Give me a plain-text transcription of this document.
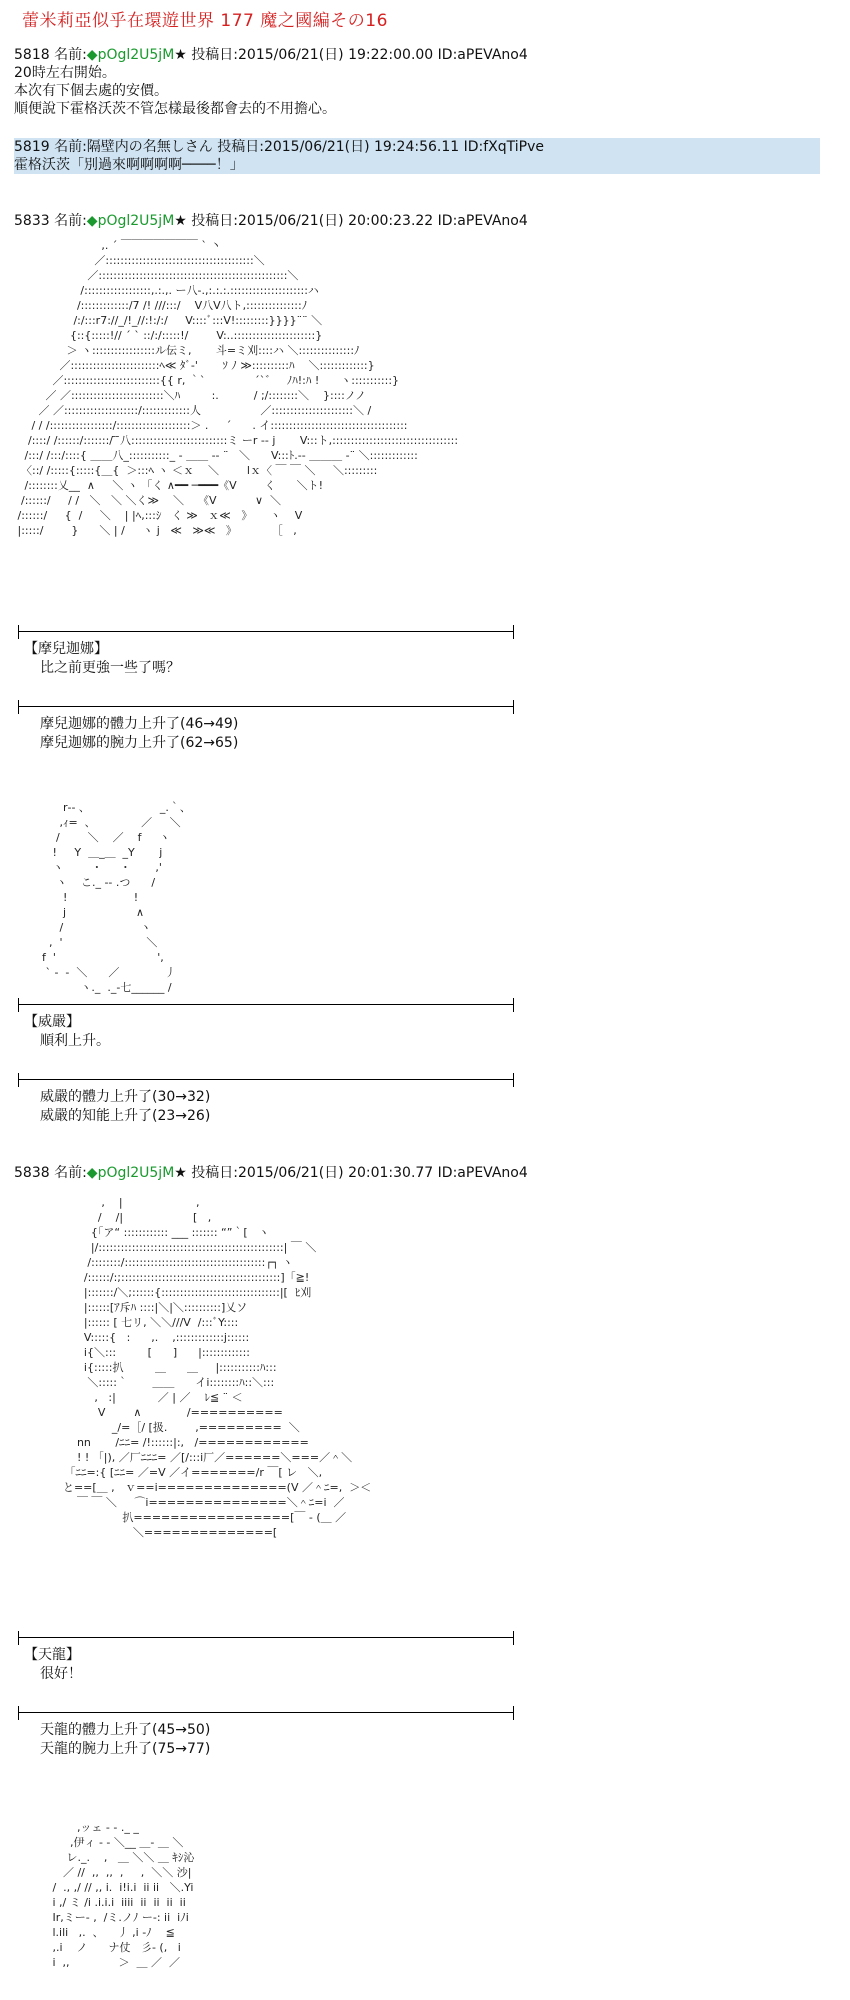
蕾米莉亞似乎在環遊世界 177 魔之國編その16
5818 名前:◆pOgl2U5jM★ 投稿日:2015/06/21(日) 19:22:00.00 ID:aPEVAno4
20時左右開始。
本次有下個去處的安價。
順便說下霍格沃茨不管怎樣最後都會去的不用擔心。
5819 名前:隔壁内の名無しさん 投稿日:2015/06/21(日) 19:24:56.11 ID:fXqTiPve
霍格沃茨「別過來啊啊啊啊────！」
5833 名前:◆pOgl2U5jM★ 投稿日:2015/06/21(日) 20:00:23.22 ID:aPEVAno4
,. ´ ￣￣￣￣￣￣￣ ` 丶
／::::::::::::::::::::::::::::::::::::::::＼
／:::::::::::::::::::::::::::::::::::::::::::::::::::＼
/::::::::::::::::::,.:.,. ー八-.,:.:.:.:::::::::::::::::::::ハ
/:::::::::::::/7 /! ///:::/    V八V八ト,:::::::::::::::ﾉ
/:/:::r7://_/!_//:!:/:/     V::::ﾞ:::V!:::::::::}}}}¨¨ ＼
{::{:::::!// ´ ` ::/:/:::::!/        V:..::::::::::::::::::::::}
＞ ヽ:::::::::::::::::ル伝ミ,       斗=ミ刈::::ハ ＼:::::::::::::::ﾉ
／::::::::::::::::::::::::ﾍ≪ ﾀﾞ-'       ｿ ﾉ ≫::::::::::ﾊ    ＼:::::::::::::}
／::::::::::::::::::::::::::{{ r, ｀`              ´`゛   ﾉﾊ!:ﾊ !      ヽ:::::::::::}
／ ／:::::::::::::::::::::::::＼ﾊ         :.          / ;/::::::::＼    }::::ノノ
／ ／::::::::::::::::::::/:::::::::::::人                 ／::::::::::::::::::::::＼ /
/ / /:::::::::::::::::/::::::::::::::::::::＞ .     ´      . イ:::::::::::::::::::::::::::::::::::::
/::::/ /::::::/:::::::/ ̄ ̄八::::::::::::::::::::::::::ミ ーr ‐‐ j       V:::ト,::::::::::::::::::::::::::::::::::
/:::/ /:::/::::{ ＿＿八_:::::::::::_ ‐ ＿＿ -‐ ¨   ＼      V:::ﾄ.-‐ ＿＿＿ ‐¨ ＼:::::::::::::
〈::/ /:::::{:::::{＿{  ＞:::ﾍ ヽ ＜ｘ    ＼        lｘ〈 ￣ ￣ ＼     ＼:::::::::
/::::::::乂__  ∧     ＼ ヽ 「く ∧━━ ─━━━《V        く      ＼ト!
/::::::/     / /   ＼   ＼ ＼く≫    ＼    《V           ∨  ＼
/::::::/     {  /     ＼    | |ﾍ,:::ｼ   く ≫   ｘ≪   》     ヽ    V
|:::::/        }      ＼ | /     ヽ j   ≪   ≫≪   》          ［   ,
【摩兒迦娜】
比之前更強一些了嗎？
摩兒迦娜的體力上升了(46→49)
摩兒迦娜的腕力上升了(62→65)
r‐‐ 、                    _.｀、
,ｨ=  、             ／     ＼
/        ＼    ／    f     ヽ
!     Y  ＿_＿  _Y       j
ヽ        ・     ・       ,'
ヽ    こ._ ‐‐ .つ      /
!                   !
j                    ∧
/                      ヽ
,  '                        ＼
f  '                             ',
` ‐  ‐  ＼      ／             丿
ヽ._  ._-七______ /
【威嚴】
順利上升。
威嚴的體力上升了(30→32)
威嚴的知能上升了(23→26)
5838 名前:◆pOgl2U5jM★ 投稿日:2015/06/21(日) 20:01:30.77 ID:aPEVAno4
,    |                     ,
/    /|                    [   ,
{「ア“ :::::::::::: ___ ::::::: “”｀[   ヽ
|/::::::::::::::::::::::::::::::::::::::::::::::::::| ￣ ＼
/::::::::/::::::::::::::::::::::::::::::::::::::┌┐ ヽ
/::::::/:;:::::::::::::::::::::::::::::::::::::::::::]「≧!
|:::::::/＼;::::::{::::::::::::::::::::::::::::::::|[  ﾋ刈
|::::::[ｱ斥ﾊ ::::|＼|＼::::::::::]乂ソ
|:::::: [ 七リ, ＼＼///V  /:::ﾞY::::
V:::::{   :      ,.    ,:::::::::::::j::::::
i{＼:::         [      ]      |:::::::::::::
i{:::::扒         ＿      ＿     |:::::::::::ﾊ:::
＼:::::｀       ＿＿      イi::::::::ﾊ::＼:::
,   :|            ／ | ／    ﾚ≦ ¨ ＜
V        ∧             /==========
_/=［/ [扱.        ,=========  ＼
nn       /ﾆﾆ= /!::::::|:,   /============
! ! 「|), ／厂ﾆﾆﾆ= ／[/:::i厂／======＼===／＾＼
｢ﾆﾆ=:{ [ﾆﾆ= ／=V ／イ=======/r ￣[ レ   ＼,
と==[＿ ,   ｖ==i==============(V ／＾ﾆ=,  ＞＜
￣ ￣ ＼     ⌒i===============＼＾ﾆ=i  ／
扒=================[￣ ‐ (＿ ／
＼==============[
【天龍】
很好！
天龍的體力上升了(45→50)
天龍的腕力上升了(75→77)
,ッェ ‐ ‐ ._ _
,伊ィ ‐ ‐ ＼__ ＿‐ ＿ ＼
レ._.    ,   ＿ ＼＼ ＿ ｷｼ沁
／ //  ,,  ,,  ,     ,  ＼＼ 沙|
/  ., ,/ // ,, i.  i!i.i  ii ii   ＼.Yi
i ,/ ミ /i .i.i.i  iiii  ii  ii  ii  ii
Ir,ミー- ,  /ミ.ノﾉ ー-: ii  iﾉi
l.ili   ,.  、    丿 ,i -ﾉ    ≦
,.i    ノ      ナ仗   彡- (,   i
i  ,,              ＞  ＿ ／  ／
